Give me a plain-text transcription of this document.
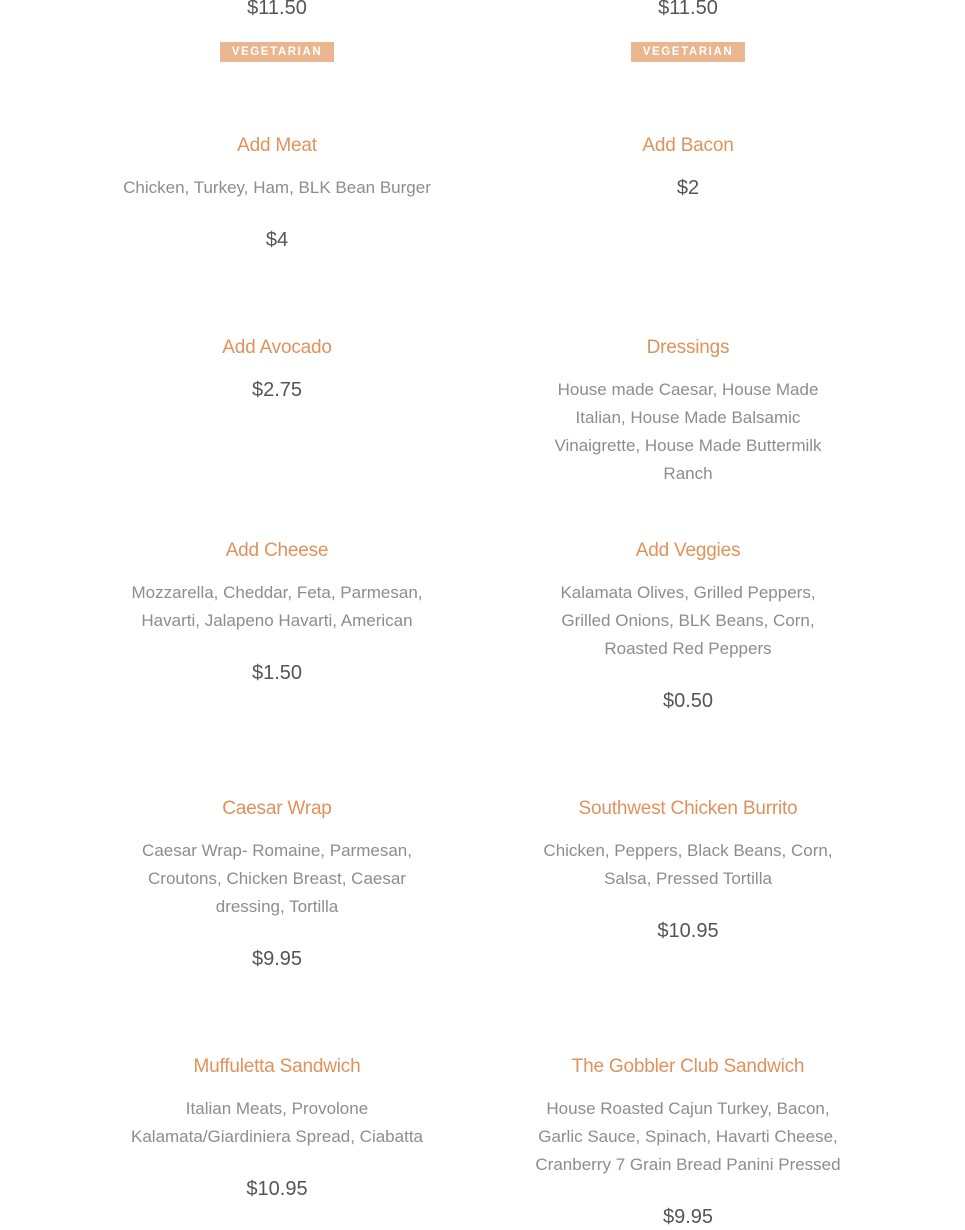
$11.50
VEGETARIAN
$11.50
VEGETARIAN
Add Meat
Chicken, Turkey, Ham, BLK Bean Burger
$4
Add Bacon
$2
Add Avocado
$2.75
Dressings
House made Caesar, House Made Italian, House Made Balsamic Vinaigrette, House Made Buttermilk Ranch
Add Cheese
Mozzarella, Cheddar, Feta, Parmesan, Havarti, Jalapeno Havarti, American
$1.50
Add Veggies
Kalamata Olives, Grilled Peppers, Grilled Onions, BLK Beans, Corn, Roasted Red Peppers
$0.50
Caesar Wrap
Caesar Wrap- Romaine, Parmesan, Croutons, Chicken Breast, Caesar dressing, Tortilla
$9.95
Southwest Chicken Burrito
Chicken, Peppers, Black Beans, Corn, Salsa, Pressed Tortilla
$10.95
Muffuletta Sandwich
Italian Meats, Provolone Kalamata/Giardiniera Spread, Ciabatta
$10.95
The Gobbler Club Sandwich
House Roasted Cajun Turkey, Bacon, Garlic Sauce, Spinach, Havarti Cheese, Cranberry 7 Grain Bread Panini Pressed
$9.95
